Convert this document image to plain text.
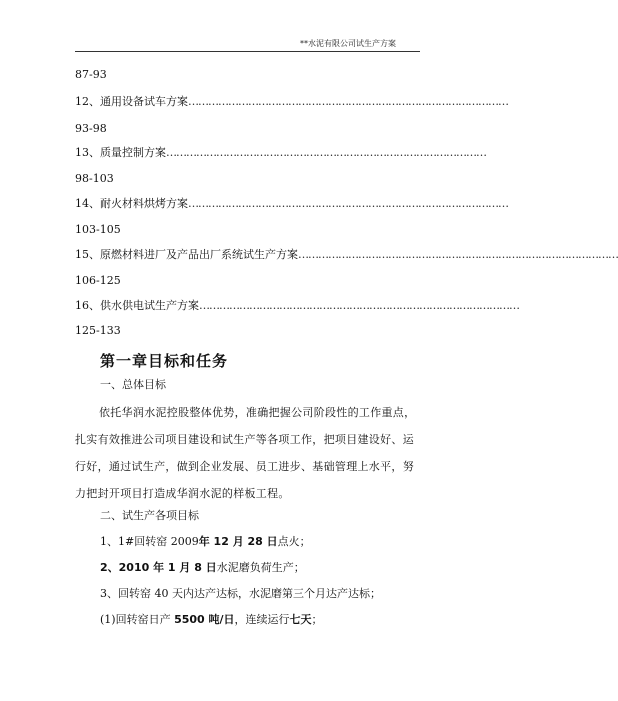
**水泥有限公司试生产方案
87-93
12、通用设备试车方案 ……………………………………………………………………………………
93-98
13、质量控制方案 ……………………………………………………………………………………
98-103
14、耐火材料烘烤方案 ……………………………………………………………………………………
103-105
15、原燃材料进厂及产品出厂系统试生产方案 ……………………………………………………………………………………
106-125
16、供水供电试生产方案 ……………………………………………………………………………………
125-133
第一章目标和任务
一、总体目标
依托华润水泥控股整体优势，准确把握公司阶段性的工作重点，扎实有效推进公司项目建设和试生产等各项工作，把项目建设好、运行好，通过试生产，做到企业发展、员工进步、基础管理上水平，努力把封开项目打造成华润水泥的样板工程。
二、试生产各项目标
1、1#回转窑 2009年 12 月 28 日点火；
2、2010 年 1 月 8 日水泥磨负荷生产；
3、回转窑 40 天内达产达标，水泥磨第三个月达产达标；
(1)回转窑日产 5500 吨/日，连续运行七天；
